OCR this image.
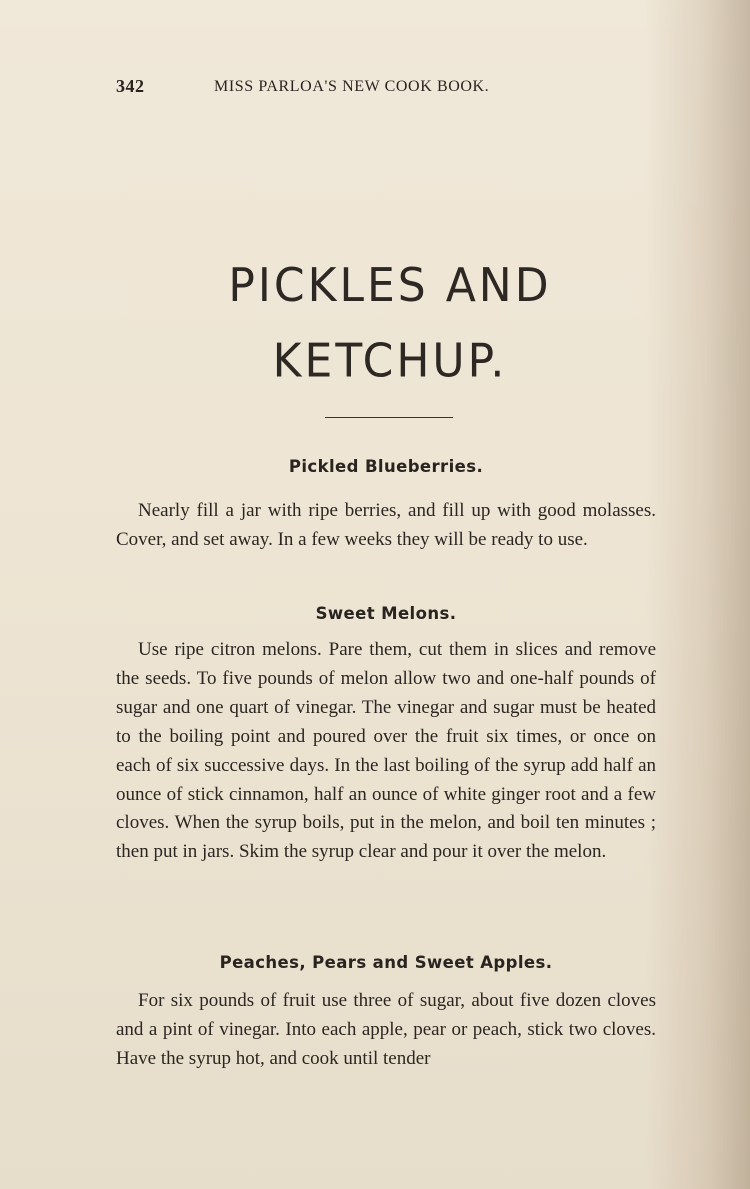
342	MISS PARLOA'S NEW COOK BOOK.
PICKLES AND
KETCHUP.
Pickled Blueberries.

Nearly fill a jar with ripe berries, and fill up with good molasses. Cover, and set away. In a few weeks they will be ready to use.

Sweet Melons.

Use ripe citron melons. Pare them, cut them in slices and remove the seeds. To five pounds of melon allow two and one-half pounds of sugar and one quart of vinegar. The vinegar and sugar must be heated to the boiling point and poured over the fruit six times, or once on each of six successive days. In the last boiling of the syrup add half an ounce of stick cinnamon, half an ounce of white ginger root and a few cloves. When the syrup boils, put in the melon, and boil ten minutes ; then put in jars. Skim the syrup clear and pour it over the melon.

Peaches, Pears and Sweet Apples.

For six pounds of fruit use three of sugar, about five dozen cloves and a pint of vinegar. Into each apple, pear or peach, stick two cloves. Have the syrup hot, and cook until tender
